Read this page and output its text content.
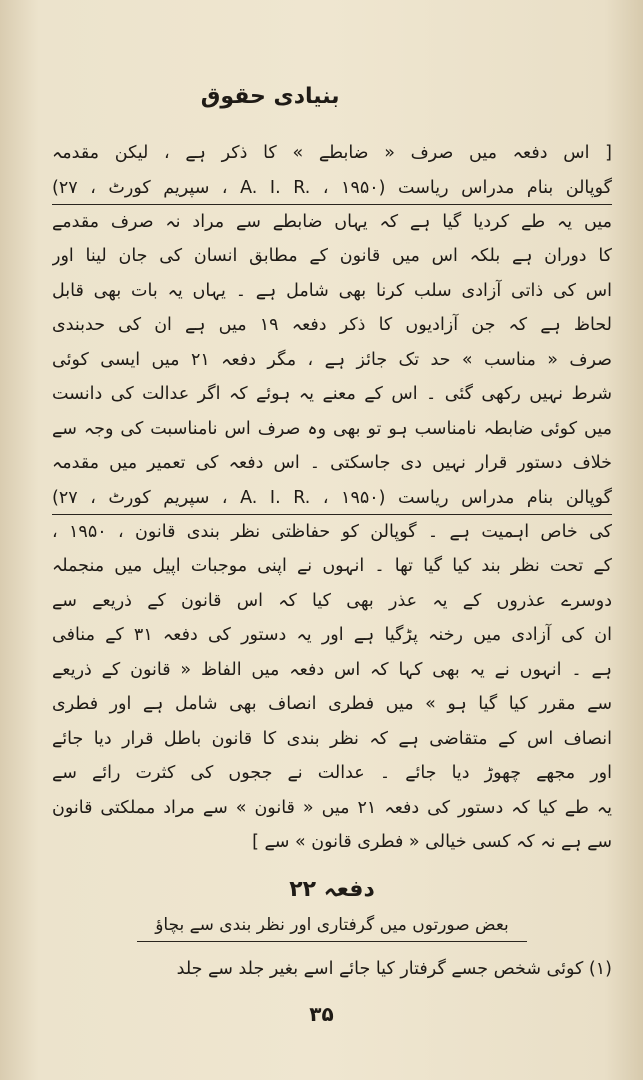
بنیادی حقوق
[ اس دفعہ میں صرف « ضابطے » کا ذکر ہے ، لیکن مقدمہ
گوپالن بنام مدراس ریاست (A. I. R. ، ۱۹۵۰ ، سپریم کورٹ ، ۲۷)
میں یہ طے کردیا گیا ہے کہ یہاں ضابطے سے مراد نہ صرف مقدمے
کا دوران ہے بلکہ اس میں قانون کے مطابق انسان کی جان لینا اور
اس کی ذاتی آزادی سلب کرنا بھی شامل ہے ۔ یہاں یہ بات بھی قابل
لحاظ ہے کہ جن آزادیوں کا ذکر دفعہ ۱۹ میں ہے ان کی حدبندی
صرف « مناسب » حد تک جائز ہے ، مگر دفعہ ۲۱ میں ایسی کوئی
شرط نہیں رکھی گئی ۔ اس کے معنے یہ ہوئے کہ اگر عدالت کی دانست
میں کوئی ضابطہ نامناسب ہو تو بھی وہ صرف اس نامناسبت کی وجہ سے
خلاف دستور قرار نہیں دی جاسکتی ۔ اس دفعہ کی تعمیر میں مقدمہ
گوپالن بنام مدراس ریاست (A. I. R. ، ۱۹۵۰ ، سپریم کورٹ ، ۲۷)
کی خاص اہمیت ہے ۔ گوپالن کو حفاظتی نظر بندی قانون ، ۱۹۵۰ ،
کے تحت نظر بند کیا گیا تھا ۔ انہوں نے اپنی موجبات اپیل میں منجملہ
دوسرے عذروں کے یہ عذر بھی کیا کہ اس قانون کے ذریعے سے
ان کی آزادی میں رخنہ پڑگیا ہے اور یہ دستور کی دفعہ ۳۱ کے منافی
ہے ۔ انہوں نے یہ بھی کہا کہ اس دفعہ میں الفاظ « قانون کے ذریعے
سے مقرر کیا گیا ہو » میں فطری انصاف بھی شامل ہے اور فطری
انصاف اس کے متقاضی ہے کہ نظر بندی کا قانون باطل قرار دیا جائے
اور مجھے چھوڑ دیا جائے ۔ عدالت نے ججوں کی کثرت رائے سے
یہ طے کیا کہ دستور کی دفعہ ۲۱ میں « قانون » سے مراد مملکتی قانون
سے ہے نہ کہ کسی خیالی « فطری قانون » سے ]
دفعہ ۲۲
بعض صورتوں میں گرفتاری اور نظر بندی سے بچاؤ
(۱) کوئی شخص جسے گرفتار کیا جائے اسے بغیر جلد سے جلد
۳۵
